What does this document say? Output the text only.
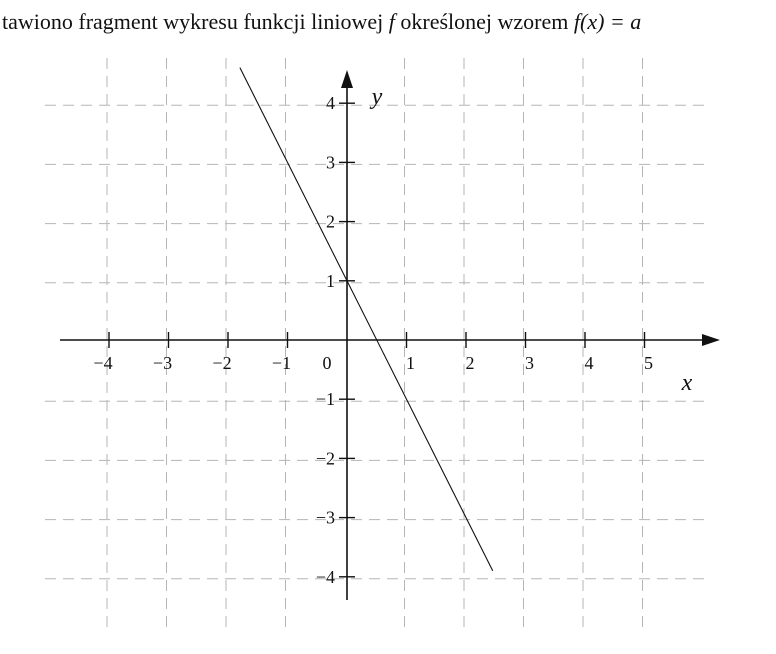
tawiono fragment wykresu funkcji liniowej f określonej wzorem f(x) = a
−4 −3 −2 −1	1	2	3	4	5
4
3
2
1
−1
−2
−3
−4
0
x
y
